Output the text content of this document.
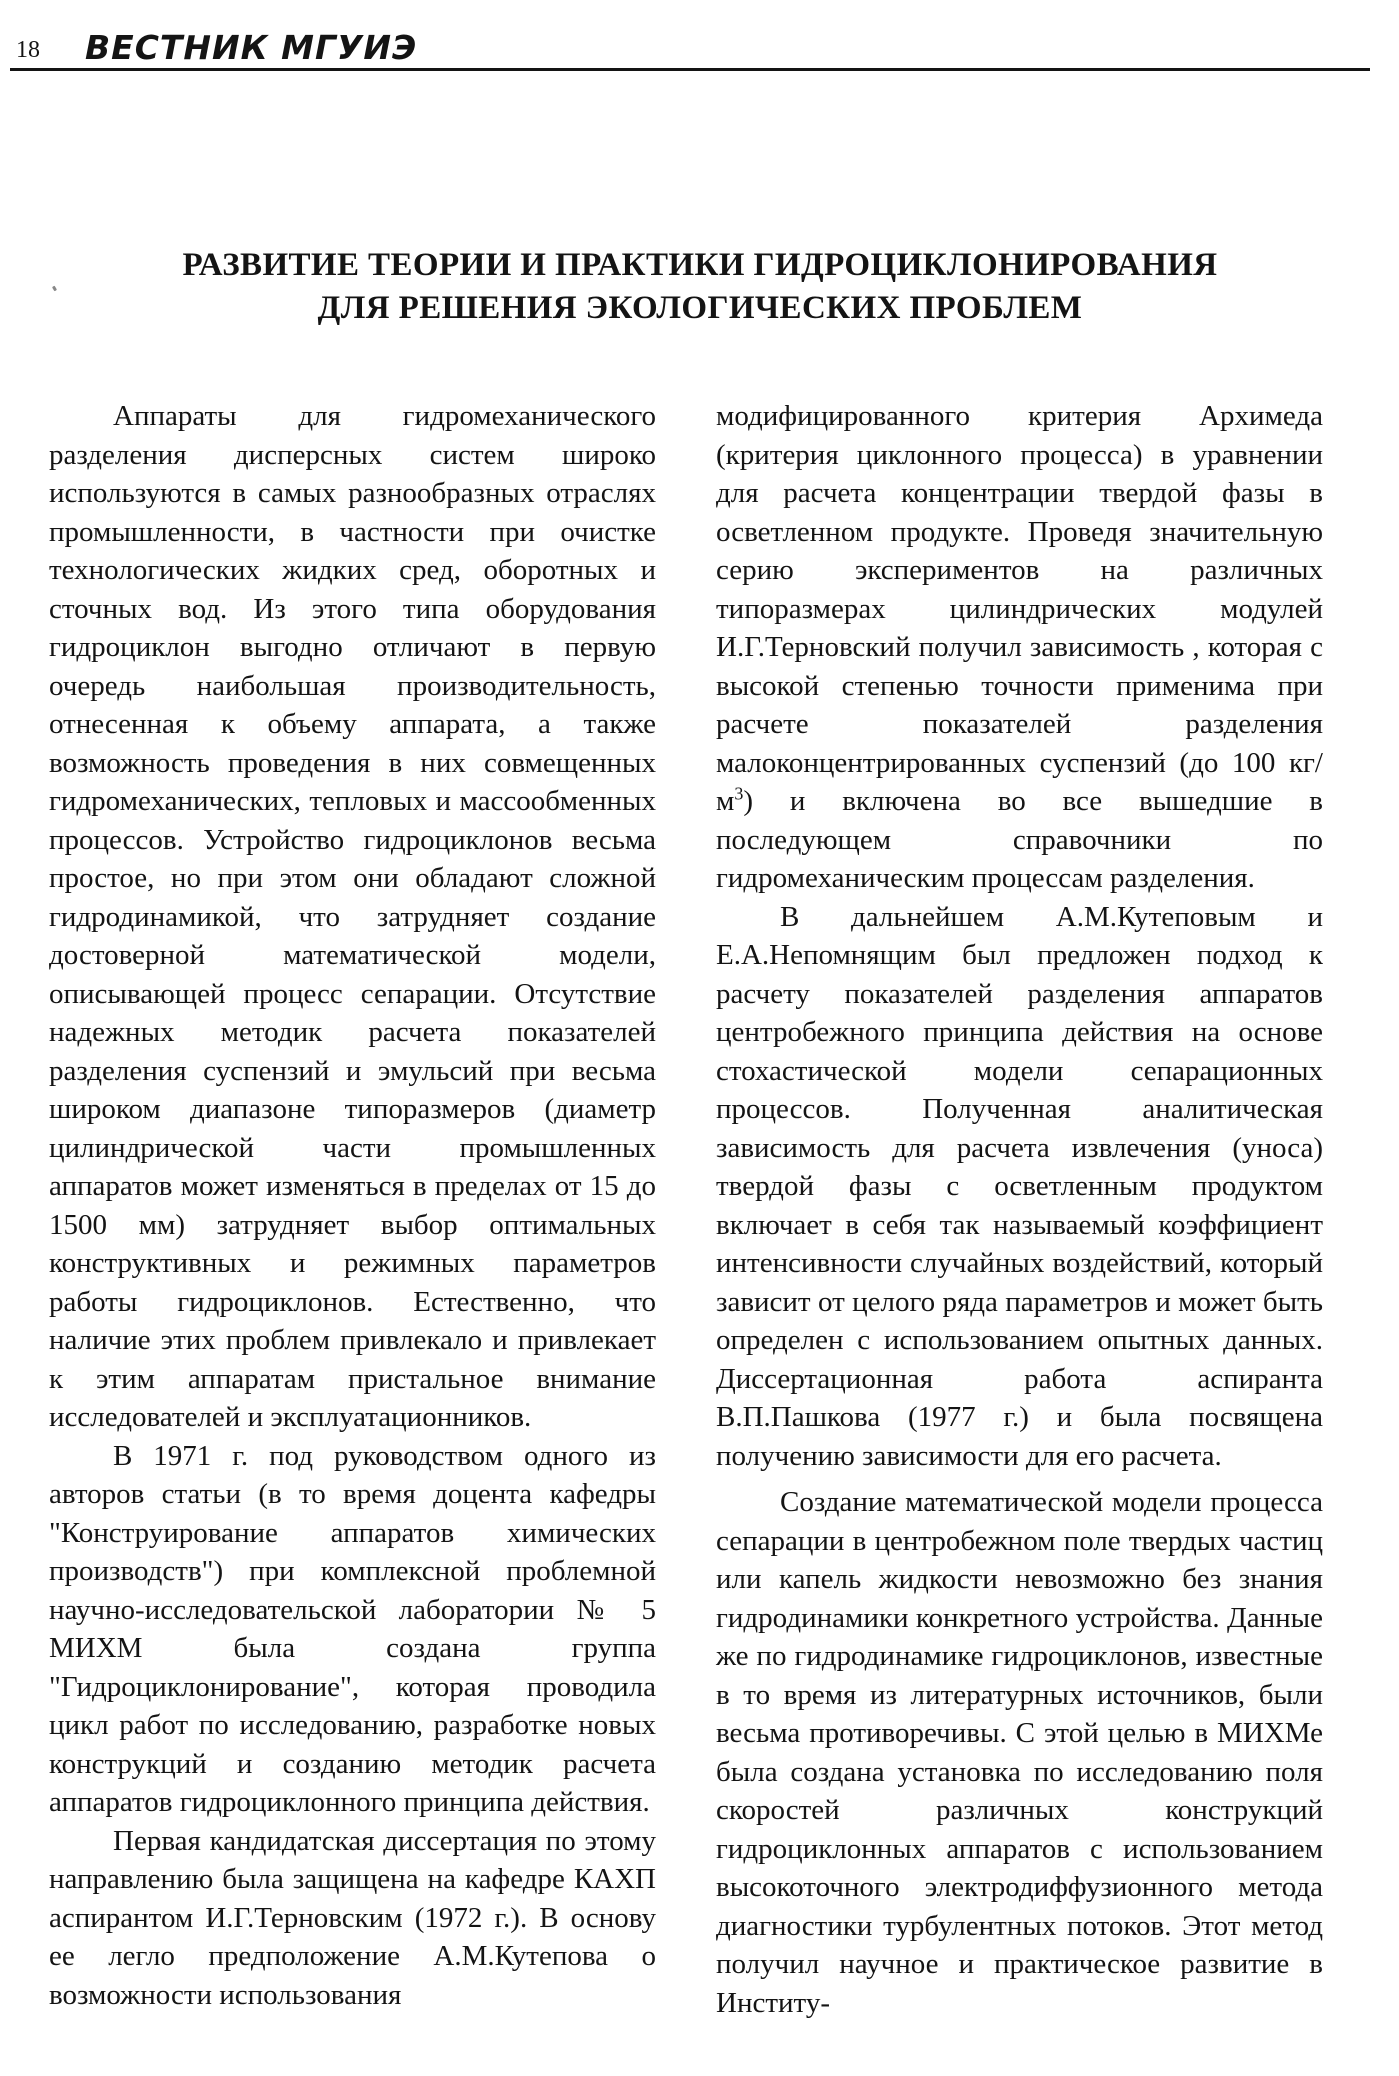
18 ВЕСТНИК МГУИЭ
РАЗВИТИЕ ТЕОРИИ И ПРАКТИКИ ГИДРОЦИКЛОНИРОВАНИЯ
ДЛЯ РЕШЕНИЯ ЭКОЛОГИЧЕСКИХ ПРОБЛЕМ

Аппараты для гидромеханического разделения дисперсных систем широко используются в самых разнообразных отраслях промышленности, в частности при очистке технологических жидких сред, оборотных и сточных вод. Из этого типа оборудования гидроциклон выгодно отличают в первую очередь наибольшая производительность, отнесенная к объему аппарата, а также возможность проведения в них совмещенных гидромеханических, тепловых и массообменных процессов. Устройство гидроциклонов весьма простое, но при этом они обладают сложной гидродинамикой, что затрудняет создание достоверной математической модели, описывающей процесс сепарации. Отсутствие надежных методик расчета показателей разделения суспензий и эмульсий при весьма широком диапазоне типоразмеров (диаметр цилиндрической части промышленных аппаратов может изменяться в пределах от 15 до 1500 мм) затрудняет выбор оптимальных конструктивных и режимных параметров работы гидроциклонов. Естественно, что наличие этих проблем привлекало и привлекает к этим аппаратам пристальное внимание исследователей и эксплуатационников.

В 1971 г. под руководством одного из авторов статьи (в то время доцента кафедры "Конструирование аппаратов химических производств") при комплексной проблемной научно-исследовательской лаборатории № 5 МИХМ была создана группа "Гидроциклонирование", которая проводила цикл работ по исследованию, разработке новых конструкций и созданию методик расчета аппаратов гидроциклонного принципа действия.

Первая кандидатская диссертация по этому направлению была защищена на кафедре КАХП аспирантом И.Г.Терновским (1972 г.). В основу ее легло предположение А.М.Кутепова о возможности использования

модифицированного критерия Архимеда (критерия циклонного процесса) в уравнении для расчета концентрации твердой фазы в осветленном продукте. Проведя значительную серию экспериментов на различных типоразмерах цилиндрических модулей И.Г.Терновский получил зависимость , которая с высокой степенью точности применима при расчете показателей разделения малоконцентрированных суспензий (до 100 $кг/м^3$) и включена во все вышедшие в последующем справочники по гидромеханическим процессам разделения.

В дальнейшем А.М.Кутеповым и Е.А.Непомнящим был предложен подход к расчету показателей разделения аппаратов центробежного принципа действия на основе стохастической модели сепарационных процессов. Полученная аналитическая зависимость для расчета извлечения (уноса) твердой фазы с осветленным продуктом включает в себя так называемый коэффициент интенсивности случайных воздействий, который зависит от целого ряда параметров и может быть определен с использованием опытных данных. Диссертационная работа аспиранта В.П.Пашкова (1977 г.) и была посвящена получению зависимости для его расчета.

Создание математической модели процесса сепарации в центробежном поле твердых частиц или капель жидкости невозможно без знания гидродинамики конкретного устройства. Данные же по гидродинамике гидроциклонов, известные в то время из литературных источников, были весьма противоречивы. С этой целью в МИХМе была создана установка по исследованию поля скоростей различных конструкций гидроциклонных аппаратов с использованием высокоточного электродиффузионного метода диагностики турбулентных потоков. Этот метод получил научное и практическое развитие в Институ-
